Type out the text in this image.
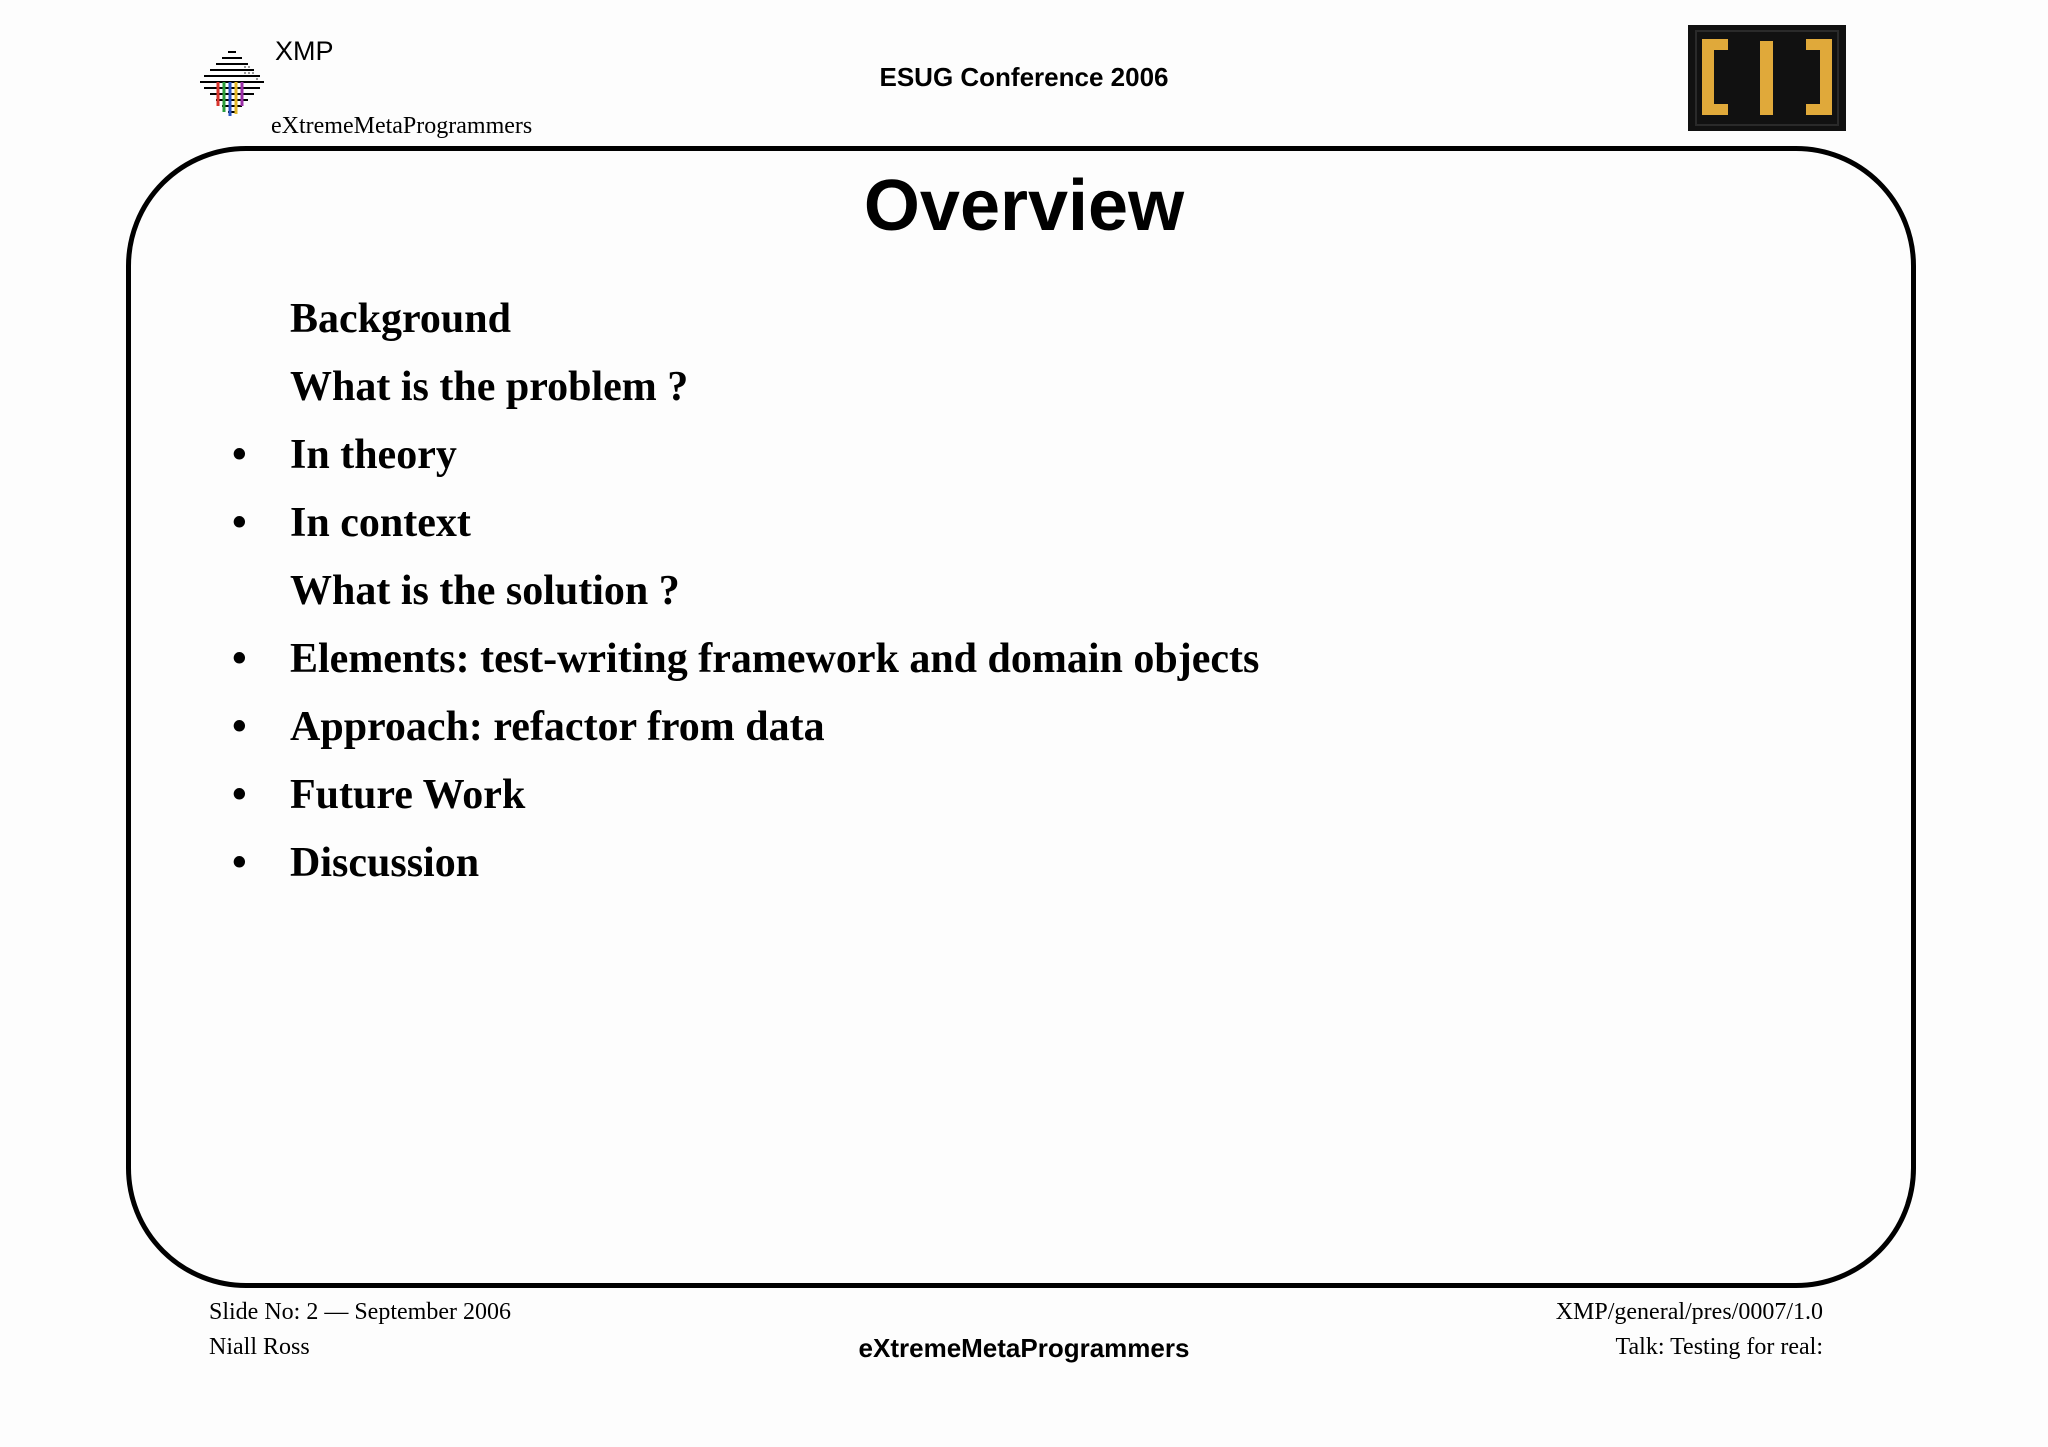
XMP
eXtremeMetaProgrammers
ESUG Conference 2006
Overview
Background
What is the problem ?
• In theory
• In context
What is the solution ?
• Elements: test-writing framework and domain objects
• Approach: refactor from data
• Future Work
• Discussion
Slide No: 2 — September 2006
Niall Ross	eXtremeMetaProgrammers
XMP/general/pres/0007/1.0
Talk: Testing for real:
